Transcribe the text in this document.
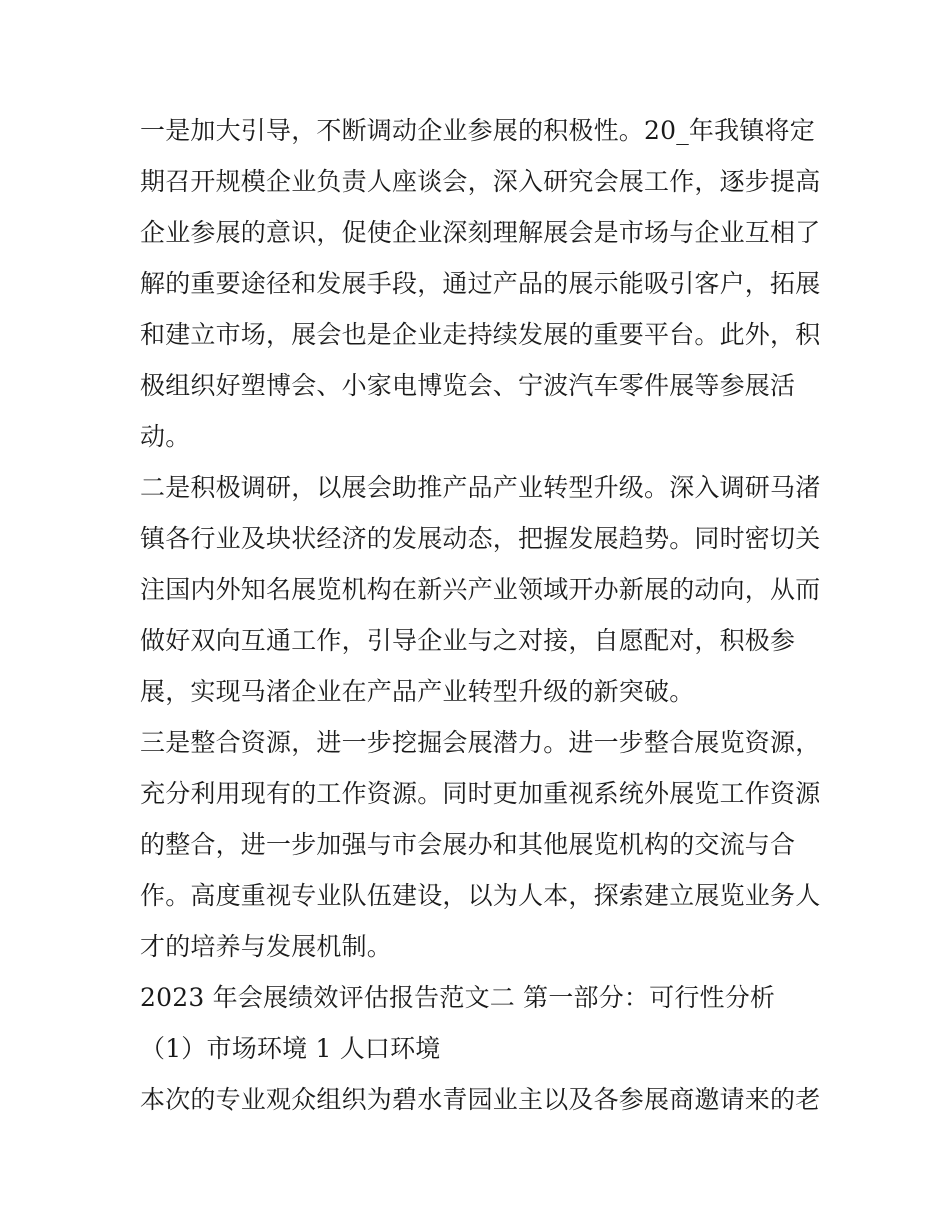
一是加大引导，不断调动企业参展的积极性。20_年我镇将定
期召开规模企业负责人座谈会，深入研究会展工作，逐步提高
企业参展的意识，促使企业深刻理解展会是市场与企业互相了
解的重要途径和发展手段，通过产品的展示能吸引客户，拓展
和建立市场，展会也是企业走持续发展的重要平台。此外，积
极组织好塑博会、小家电博览会、宁波汽车零件展等参展活
动。
二是积极调研，以展会助推产品产业转型升级。深入调研马渚
镇各行业及块状经济的发展动态，把握发展趋势。同时密切关
注国内外知名展览机构在新兴产业领域开办新展的动向，从而
做好双向互通工作，引导企业与之对接，自愿配对，积极参
展，实现马渚企业在产品产业转型升级的新突破。
三是整合资源，进一步挖掘会展潜力。进一步整合展览资源，
充分利用现有的工作资源。同时更加重视系统外展览工作资源
的整合，进一步加强与市会展办和其他展览机构的交流与合
作。高度重视专业队伍建设，以为人本，探索建立展览业务人
才的培养与发展机制。
2023 年会展绩效评估报告范文二 第一部分：可行性分析
（1）市场环境 1 人口环境
本次的专业观众组织为碧水青园业主以及各参展商邀请来的老
